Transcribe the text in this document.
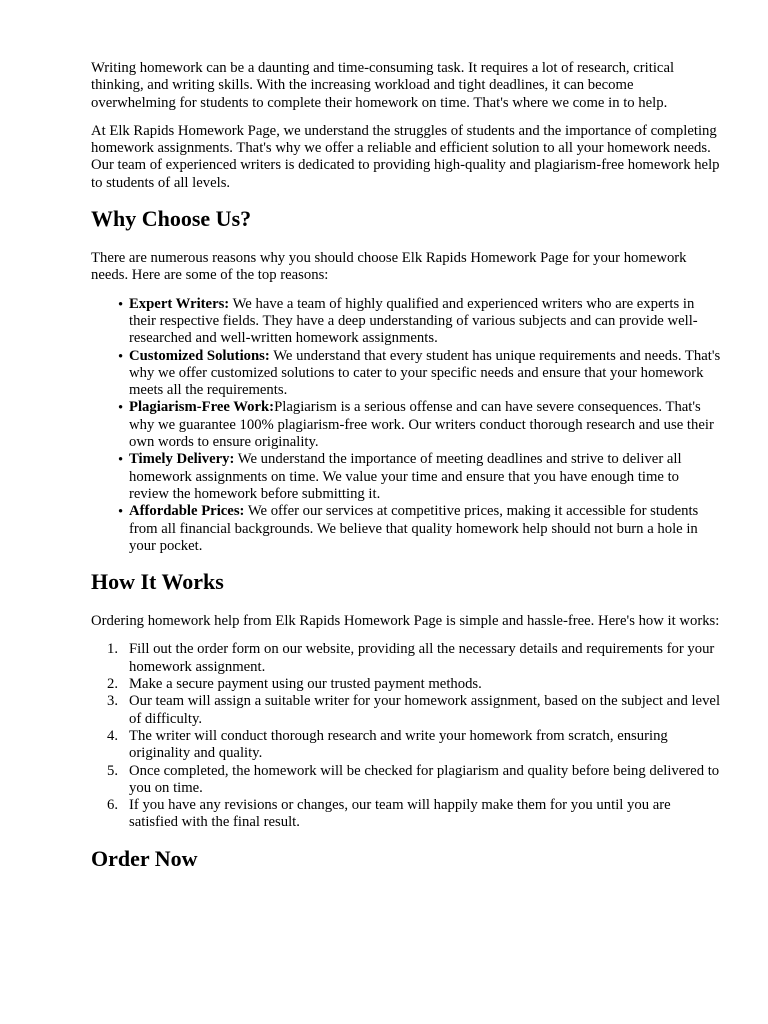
Writing homework can be a daunting and time-consuming task. It requires a lot of research, critical thinking, and writing skills. With the increasing workload and tight deadlines, it can become overwhelming for students to complete their homework on time. That's where we come in to help.

At Elk Rapids Homework Page, we understand the struggles of students and the importance of completing homework assignments. That's why we offer a reliable and efficient solution to all your homework needs. Our team of experienced writers is dedicated to providing high-quality and plagiarism-free homework help to students of all levels.

Why Choose Us?

There are numerous reasons why you should choose Elk Rapids Homework Page for your homework needs. Here are some of the top reasons:

• Expert Writers: We have a team of highly qualified and experienced writers who are experts in their respective fields. They have a deep understanding of various subjects and can provide well-researched and well-written homework assignments.
• Customized Solutions: We understand that every student has unique requirements and needs. That's why we offer customized solutions to cater to your specific needs and ensure that your homework meets all the requirements.
• Plagiarism-Free Work:Plagiarism is a serious offense and can have severe consequences. That's why we guarantee 100% plagiarism-free work. Our writers conduct thorough research and use their own words to ensure originality.
• Timely Delivery: We understand the importance of meeting deadlines and strive to deliver all homework assignments on time. We value your time and ensure that you have enough time to review the homework before submitting it.
• Affordable Prices: We offer our services at competitive prices, making it accessible for students from all financial backgrounds. We believe that quality homework help should not burn a hole in your pocket.
How It Works

Ordering homework help from Elk Rapids Homework Page is simple and hassle-free. Here's how it works:

1. Fill out the order form on our website, providing all the necessary details and requirements for your homework assignment.
2. Make a secure payment using our trusted payment methods.
3. Our team will assign a suitable writer for your homework assignment, based on the subject and level of difficulty.
4. The writer will conduct thorough research and write your homework from scratch, ensuring originality and quality.
5. Once completed, the homework will be checked for plagiarism and quality before being delivered to you on time.
6. If you have any revisions or changes, our team will happily make them for you until you are satisfied with the final result.
Order Now
